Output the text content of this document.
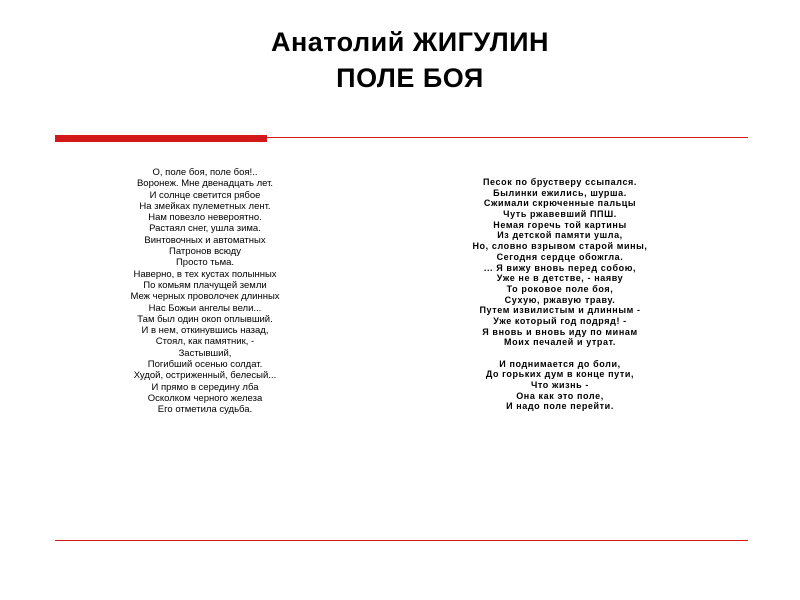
Анатолий ЖИГУЛИН
ПОЛЕ БОЯ
О, поле боя, поле боя!..
Воронеж. Мне двенадцать лет.
И солнце светится рябое
На змейках пулеметных лент.
Нам повезло невероятно.
Растаял снег, ушла зима.
Винтовочных и автоматных
Патронов всюду
Просто тьма.
Наверно, в тех кустах полынных
По комьям плачущей земли
Меж черных проволочек длинных
Нас Божьи ангелы вели...
Там был один окоп оплывший.
И в нем, откинувшись назад,
Стоял, как памятник, -
Застывший,
Погибший осенью солдат.
Худой, остриженный, белесый...
И прямо в середину лба
Осколком черного железа
Его отметила судьба.
Песок по брустверу ссыпался.
Былинки ежились, шурша.
Сжимали скрюченные пальцы
Чуть ржавевший ППШ.
Немая горечь той картины
Из детской памяти ушла,
Но, словно взрывом старой мины,
Сегодня сердце обожгла.
... Я вижу вновь перед собою,
Уже не в детстве, - наяву
То роковое поле боя,
Сухую, ржавую траву.
Путем извилистым и длинным -
Уже который год подряд! -
Я вновь и вновь иду по минам
Моих печалей и утрат.
И поднимается до боли,
До горьких дум в конце пути,
Что жизнь -
Она как это поле,
И надо поле перейти.
